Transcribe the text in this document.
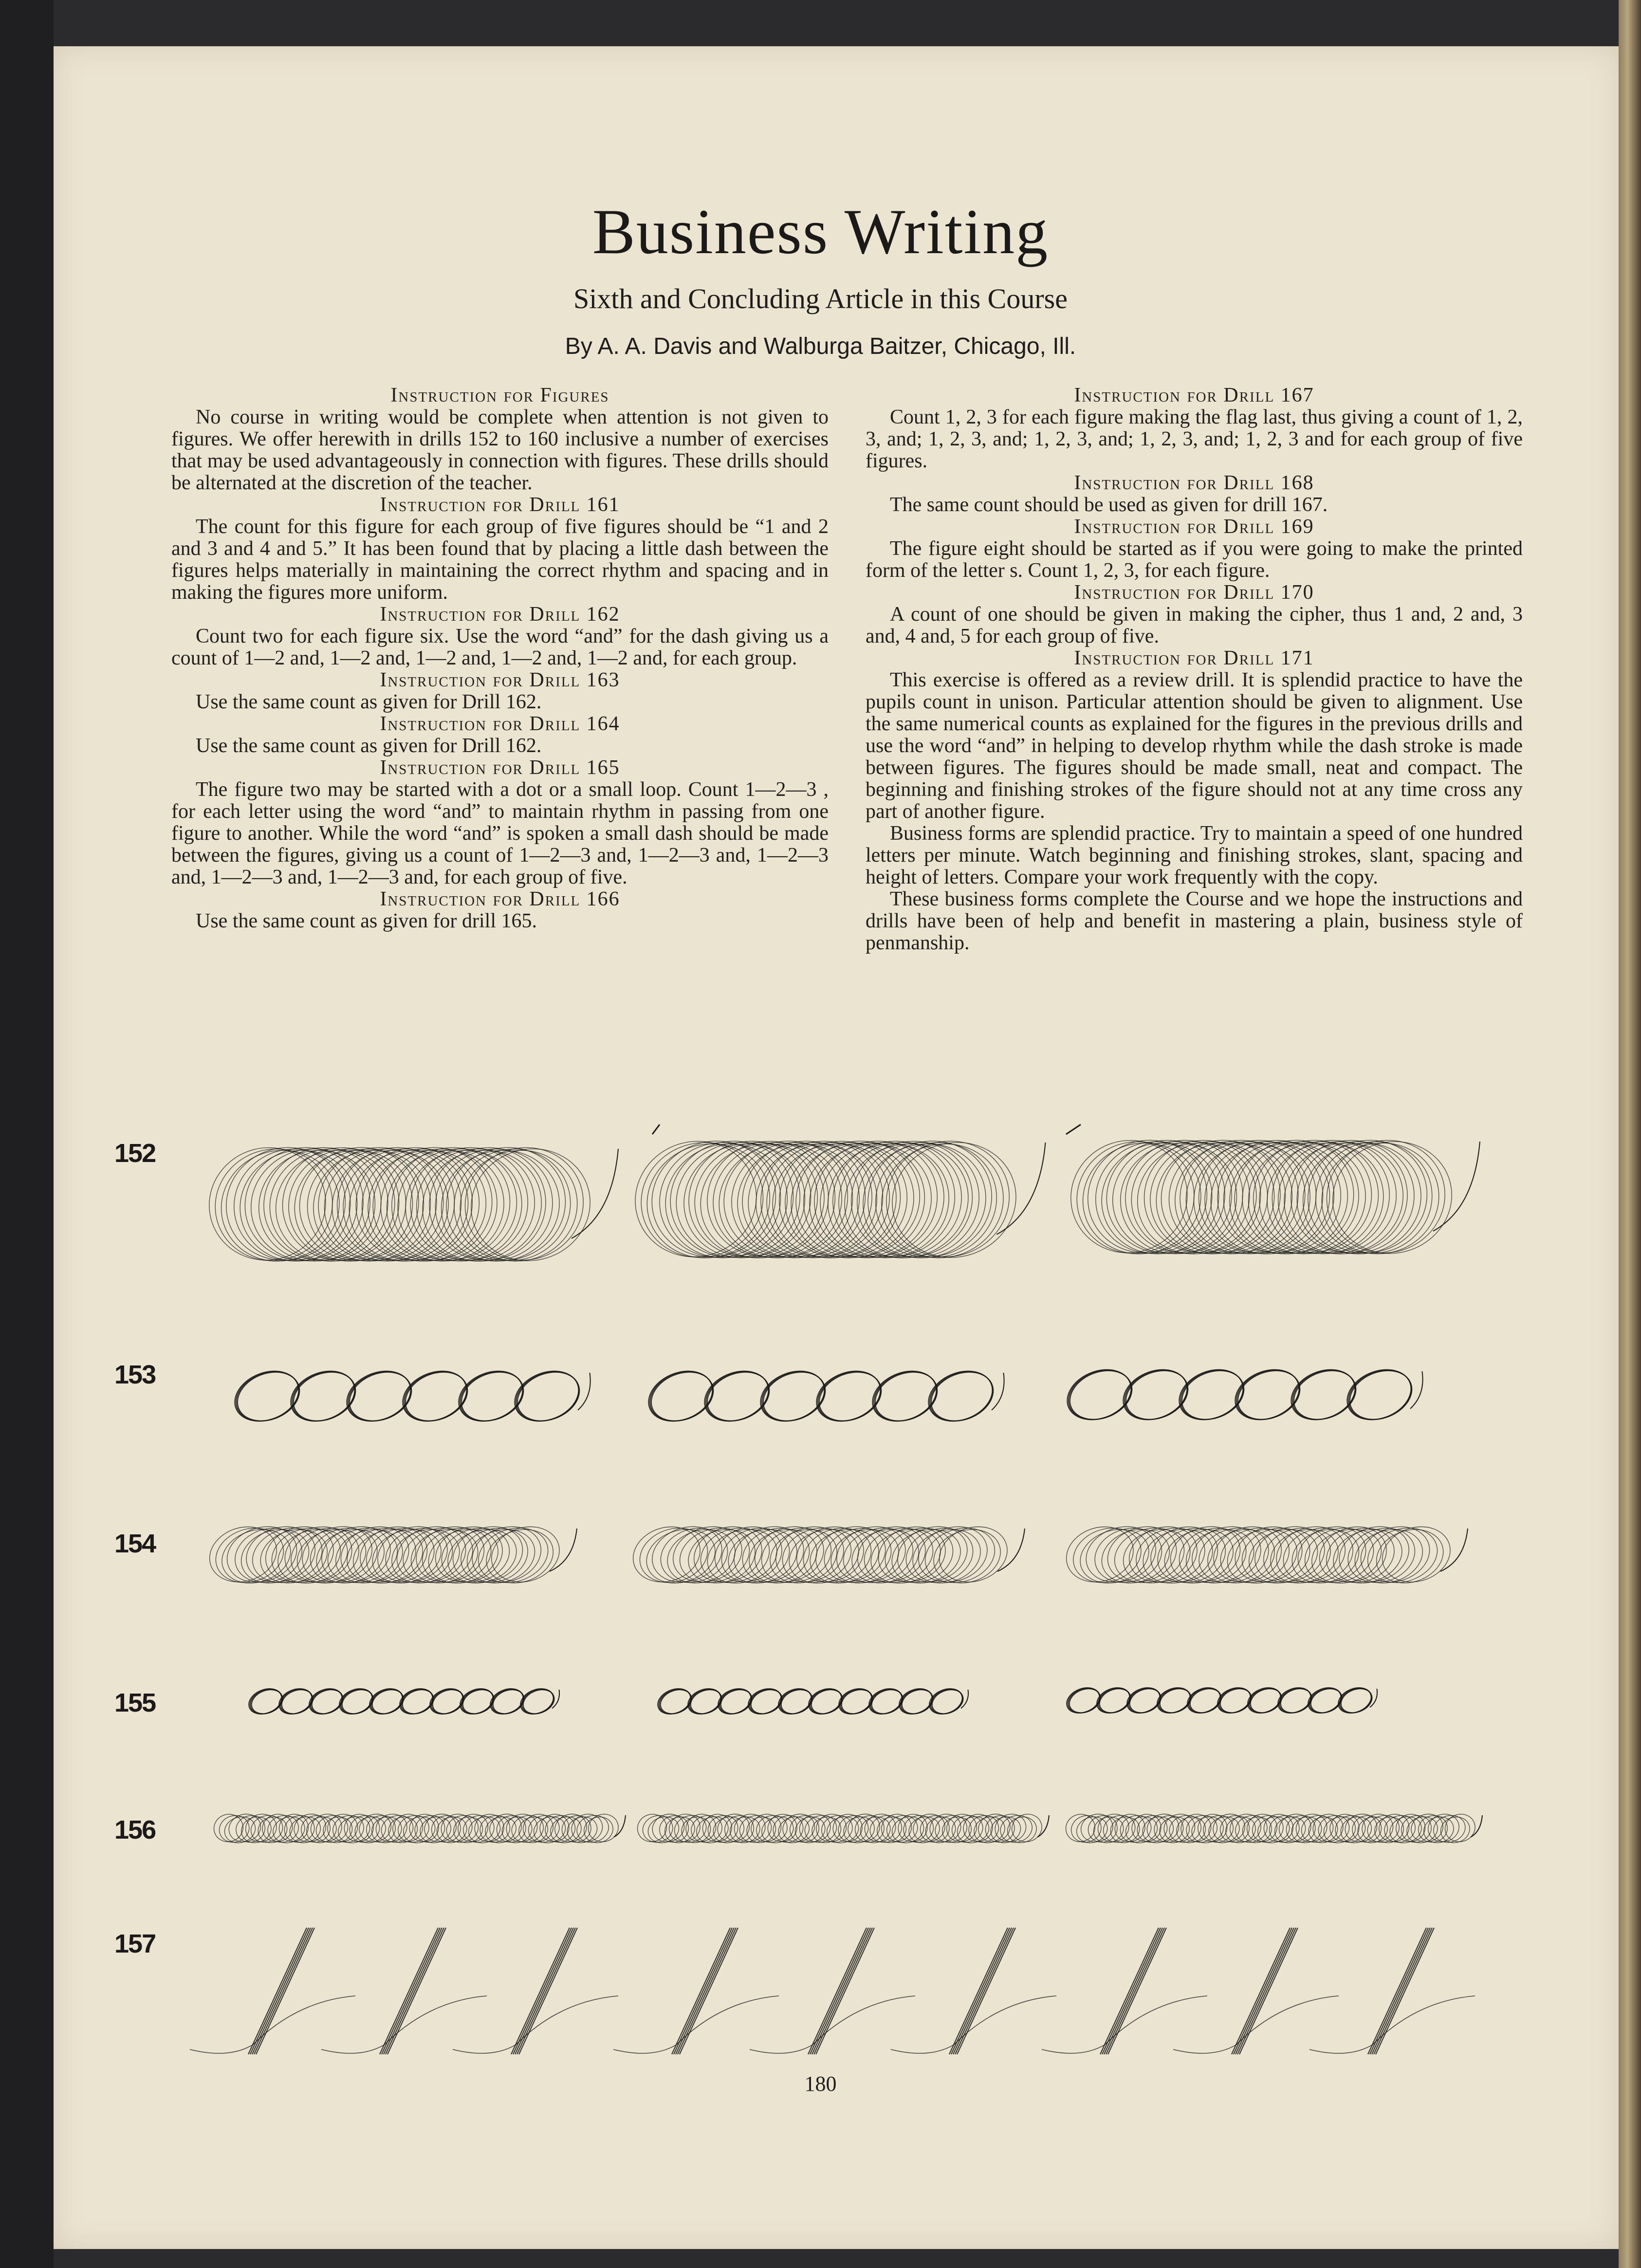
Business Writing
Sixth and Concluding Article in this Course
By A. A. Davis and Walburga Baitzer, Chicago, Ill.

Instruction for Figures

No course in writing would be complete when attention is not given to figures. We offer herewith in drills 152 to 160 inclusive a number of exercises that may be used advantageously in connection with figures. These drills should be alternated at the discretion of the teacher.

Instruction for Drill 161

The count for this figure for each group of five figures should be “1 and 2 and 3 and 4 and 5.” It has been found that by placing a little dash between the figures helps materially in maintaining the correct rhythm and spacing and in making the figures more uniform.

Instruction for Drill 162

Count two for each figure six. Use the word “and” for the dash giving us a count of 1—2 and, 1—2 and, 1—2 and, 1—2 and, 1—2 and, for each group.

Instruction for Drill 163

Use the same count as given for Drill 162.

Instruction for Drill 164

Use the same count as given for Drill 162.

Instruction for Drill 165

The figure two may be started with a dot or a small loop. Count 1—2—3 , for each letter using the word “and” to maintain rhythm in passing from one figure to another. While the word “and” is spoken a small dash should be made between the figures, giving us a count of 1—2—3 and, 1—2—3 and, 1—2—3 and, 1—2—3 and, 1—2—3 and, for each group of five.

Instruction for Drill 166

Use the same count as given for drill 165.

Instruction for Drill 167

Count 1, 2, 3 for each figure making the flag last, thus giving a count of 1, 2, 3, and; 1, 2, 3, and; 1, 2, 3, and; 1, 2, 3, and; 1, 2, 3 and for each group of five figures.

Instruction for Drill 168

The same count should be used as given for drill 167.

Instruction for Drill 169

The figure eight should be started as if you were going to make the printed form of the letter s. Count 1, 2, 3, for each figure.

Instruction for Drill 170

A count of one should be given in making the cipher, thus 1 and, 2 and, 3 and, 4 and, 5 for each group of five.

Instruction for Drill 171

This exercise is offered as a review drill. It is splendid practice to have the pupils count in unison. Particular attention should be given to alignment. Use the same numerical counts as explained for the figures in the previous drills and use the word “and” in helping to develop rhythm while the dash stroke is made between figures. The figures should be made small, neat and compact. The beginning and finishing strokes of the figure should not at any time cross any part of another figure.

Business forms are splendid practice. Try to maintain a speed of one hundred letters per minute. Watch beginning and finishing strokes, slant, spacing and height of letters. Compare your work frequently with the copy.

These business forms complete the Course and we hope the instructions and drills have been of help and benefit in mastering a plain, business style of penmanship.

152
153
154
155
156
157
180
